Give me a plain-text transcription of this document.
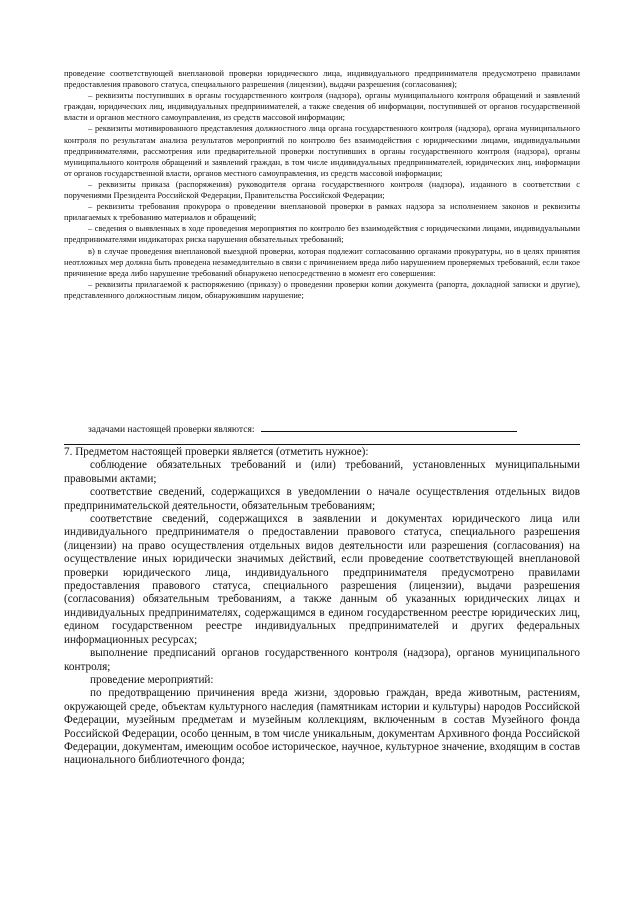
проведение соответствующей внеплановой проверки юридического лица, индивидуального предпринимателя предусмотрено правилами предоставления правового статуса, специального разрешения (лицензии), выдачи разрешения (согласования);

– реквизиты поступивших в органы государственного контроля (надзора), органы муниципального контроля обращений и заявлений граждан, юридических лиц, индивидуальных предпринимателей, а также сведения об информации, поступившей от органов государственной власти и органов местного самоуправления, из средств массовой информации;

– реквизиты мотивированного представления должностного лица органа государственного контроля (надзора), органа муниципального контроля по результатам анализа результатов мероприятий по контролю без взаимодействия с юридическими лицами, индивидуальными предпринимателями, рассмотрения или предварительной проверки поступивших в органы государственного контроля (надзора), органы муниципального контроля обращений и заявлений граждан, в том числе индивидуальных предпринимателей, юридических лиц, информации от органов государственной власти, органов местного самоуправления, из средств массовой информации;

– реквизиты приказа (распоряжения) руководителя органа государственного контроля (надзора), изданного в соответствии с поручениями Президента Российской Федерации, Правительства Российской Федерации;

– реквизиты требования прокурора о проведении внеплановой проверки в рамках надзора за исполнением законов и реквизиты прилагаемых к требованию материалов и обращений;

– сведения о выявленных в ходе проведения мероприятия по контролю без взаимодействия с юридическими лицами, индивидуальными предпринимателями индикаторах риска нарушения обязательных требований;

в) в случае проведения внеплановой выездной проверки, которая подлежит согласованию органами прокуратуры, но в целях принятия неотложных мер должна быть проведена незамедлительно в связи с причинением вреда либо нарушением проверяемых требований, если такое причинение вреда либо нарушение требований обнаружено непосредственно в момент его совершения:

– реквизиты прилагаемой к распоряжению (приказу) о проведении проверки копии документа (рапорта, докладной записки и другие), представленного должностным лицом, обнаружившим нарушение;

задачами настоящей проверки являются:

7. Предметом настоящей проверки является (отметить нужное):

соблюдение обязательных требований и (или) требований, установленных муниципальными правовыми актами;

соответствие сведений, содержащихся в уведомлении о начале осуществления отдельных видов предпринимательской деятельности, обязательным требованиям;

соответствие сведений, содержащихся в заявлении и документах юридического лица или индивидуального предпринимателя о предоставлении правового статуса, специального разрешения (лицензии) на право осуществления отдельных видов деятельности или разрешения (согласования) на осуществление иных юридически значимых действий, если проведение соответствующей внеплановой проверки юридического лица, индивидуального предпринимателя предусмотрено правилами предоставления правового статуса, специального разрешения (лицензии), выдачи разрешения (согласования) обязательным требованиям, а также данным об указанных юридических лицах и индивидуальных предпринимателях, содержащимся в едином государственном реестре юридических лиц, едином государственном реестре индивидуальных предпринимателей и других федеральных информационных ресурсах;

выполнение предписаний органов государственного контроля (надзора), органов муниципального контроля;

проведение мероприятий:

по предотвращению причинения вреда жизни, здоровью граждан, вреда животным, растениям, окружающей среде, объектам культурного наследия (памятникам истории и культуры) народов Российской Федерации, музейным предметам и музейным коллекциям, включенным в состав Музейного фонда Российской Федерации, особо ценным, в том числе уникальным, документам Архивного фонда Российской Федерации, документам, имеющим особое историческое, научное, культурное значение, входящим в состав национального библиотечного фонда;
